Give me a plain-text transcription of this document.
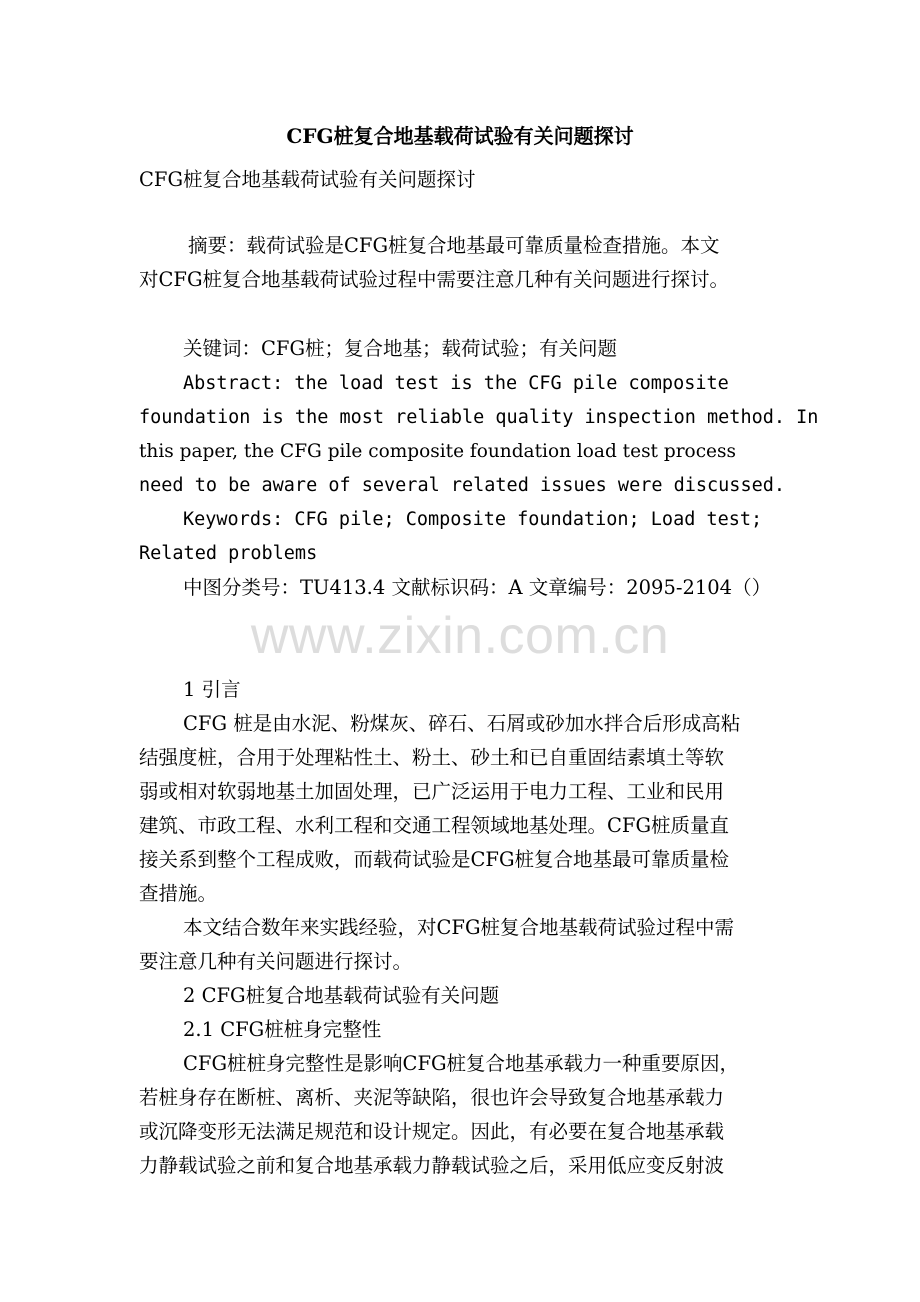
CFG桩复合地基载荷试验有关问题探讨
CFG桩复合地基载荷试验有关问题探讨
摘要：载荷试验是CFG桩复合地基最可靠质量检查措施。本文
对CFG桩复合地基载荷试验过程中需要注意几种有关问题进行探讨。
关键词：CFG桩；复合地基；载荷试验；有关问题
Abstract: the load test is the CFG pile composite
foundation is the most reliable quality inspection method. In
this paper, the CFG pile composite foundation load test process
need to be aware of several related issues were discussed.
Keywords: CFG pile; Composite foundation; Load test;
Related problems
中图分类号：TU413.4 文献标识码：A 文章编号：2095-2104（）
www.zixin.com.cn
1 引言
CFG 桩是由水泥、粉煤灰、碎石、石屑或砂加水拌合后形成高粘
结强度桩，合用于处理粘性土、粉土、砂土和已自重固结素填土等软
弱或相对软弱地基土加固处理，已广泛运用于电力工程、工业和民用
建筑、市政工程、水利工程和交通工程领域地基处理。CFG桩质量直
接关系到整个工程成败，而载荷试验是CFG桩复合地基最可靠质量检
查措施。
本文结合数年来实践经验，对CFG桩复合地基载荷试验过程中需
要注意几种有关问题进行探讨。
2 CFG桩复合地基载荷试验有关问题
2.1 CFG桩桩身完整性
CFG桩桩身完整性是影响CFG桩复合地基承载力一种重要原因，
若桩身存在断桩、离析、夹泥等缺陷，很也许会导致复合地基承载力
或沉降变形无法满足规范和设计规定。因此，有必要在复合地基承载
力静载试验之前和复合地基承载力静载试验之后，采用低应变反射波
